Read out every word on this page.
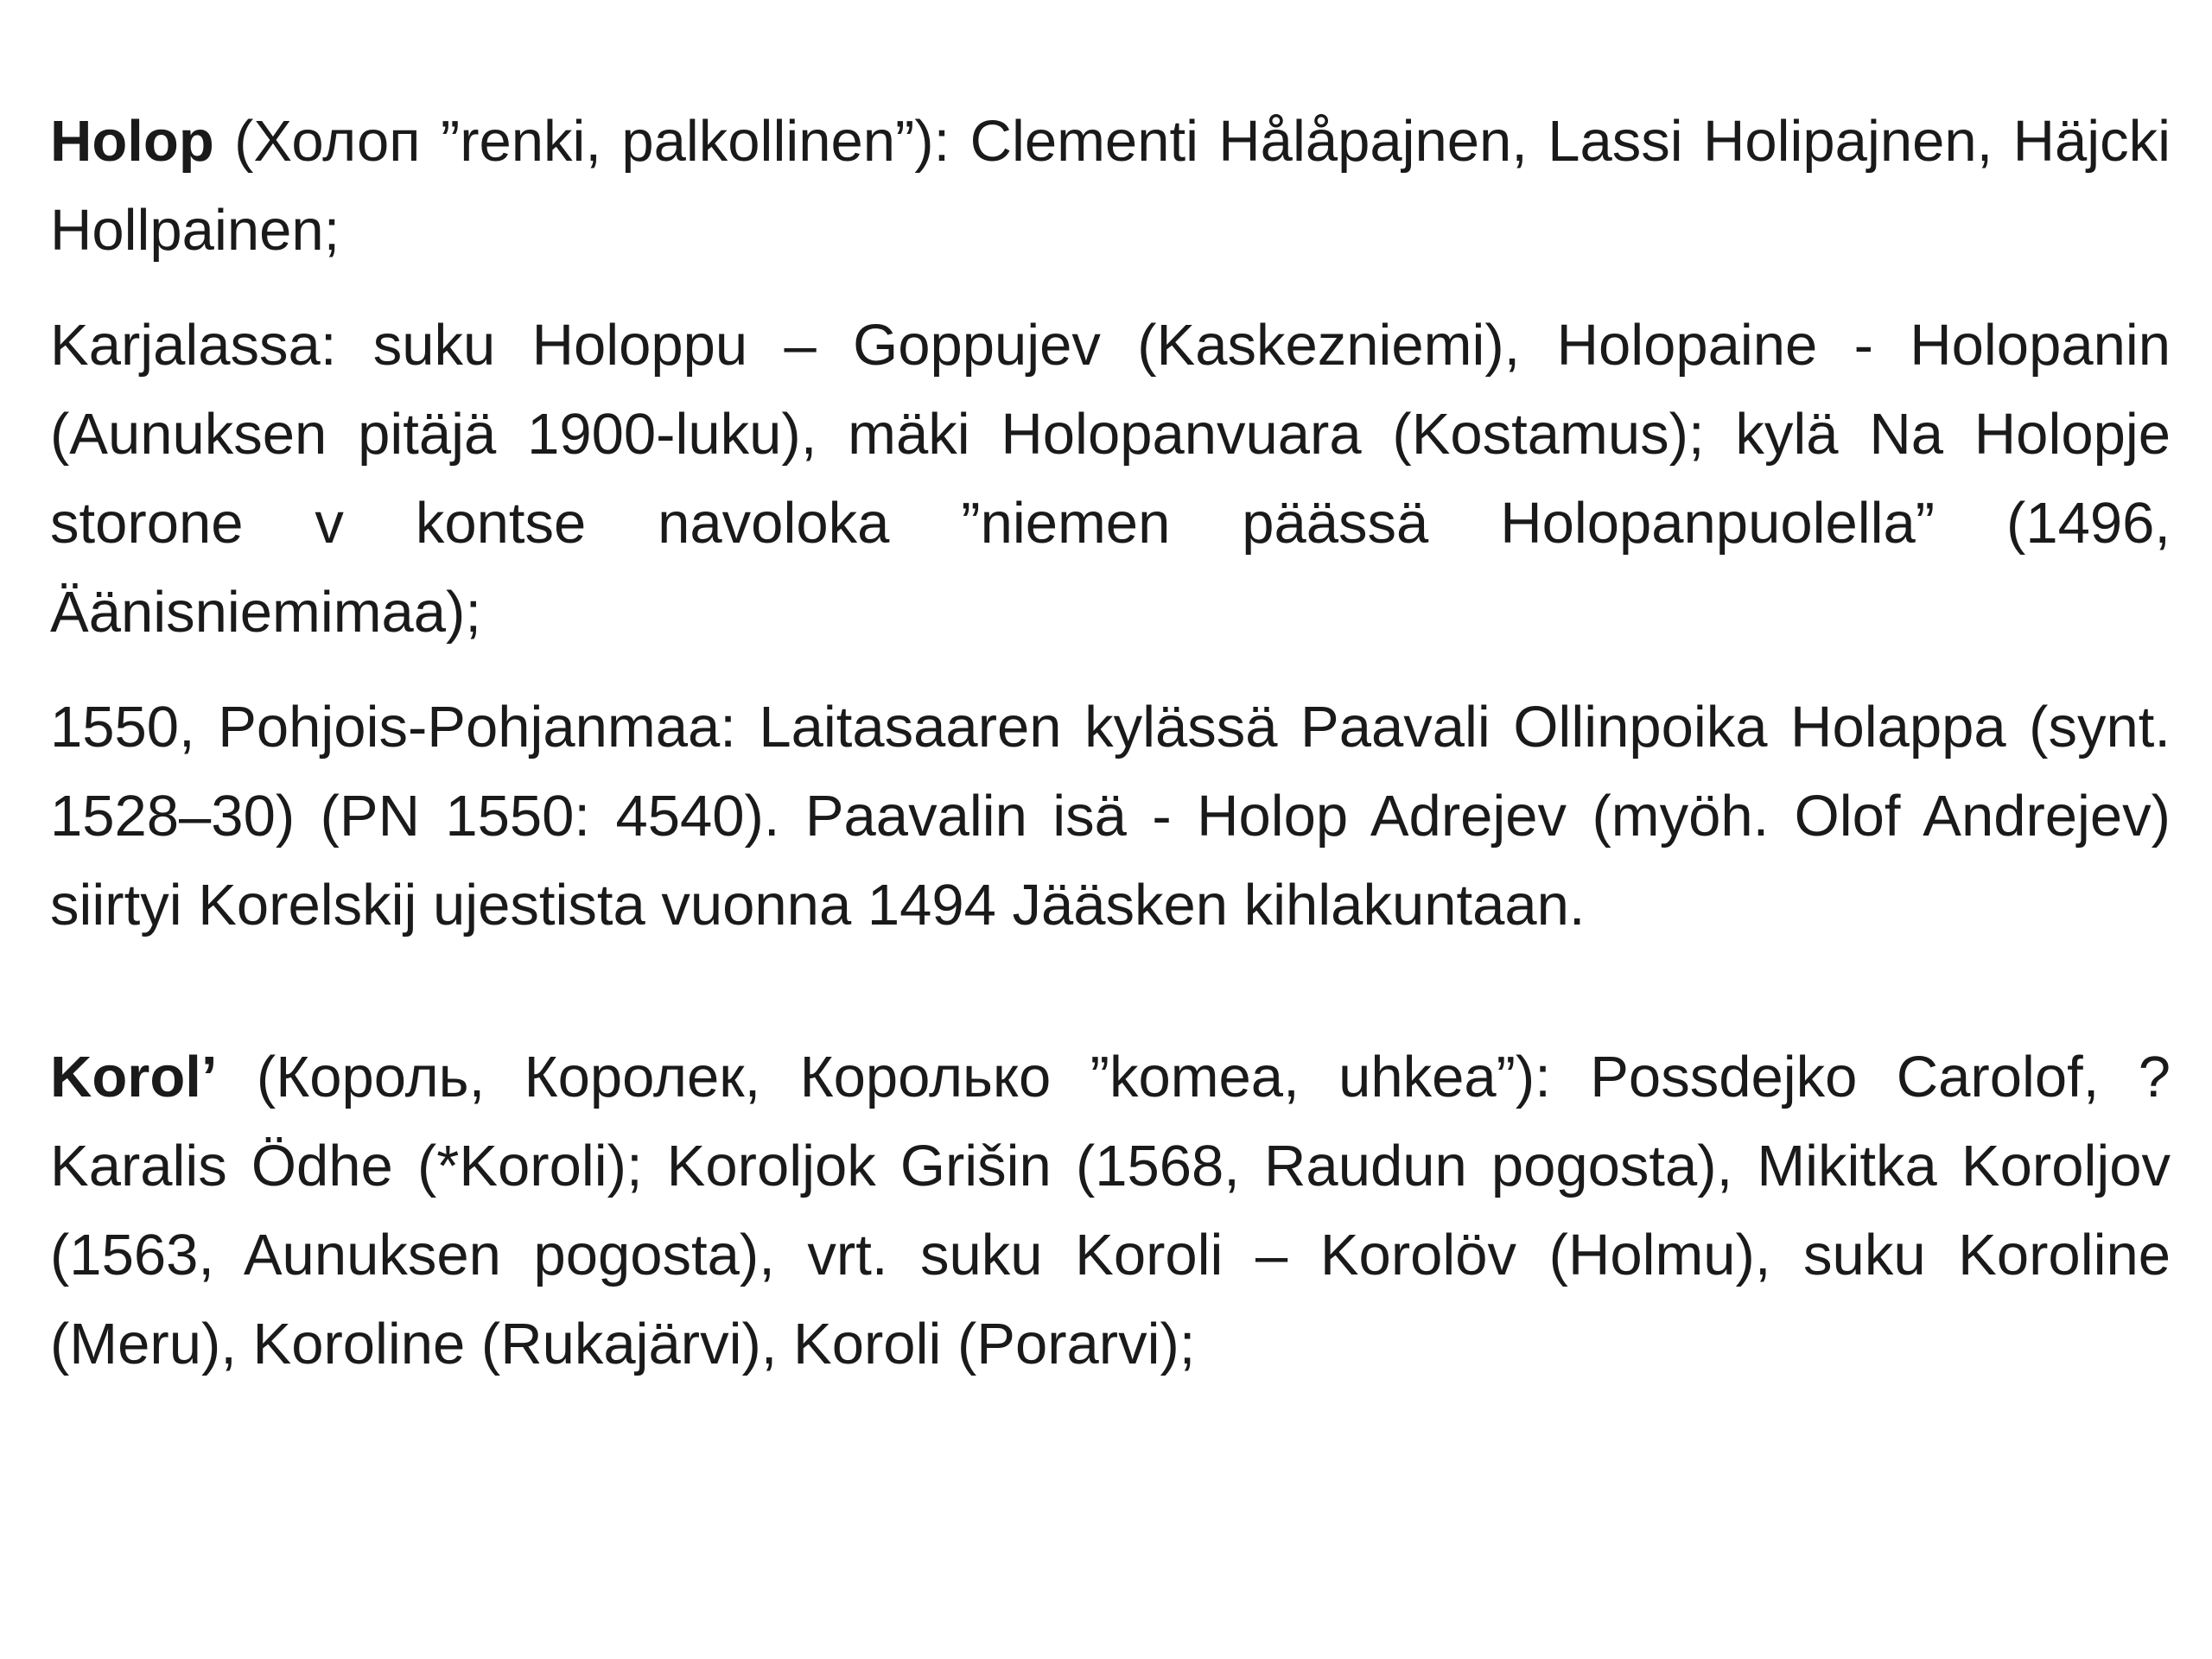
Holop (Холоп ”renki, palkollinen”): Clementi Hålåpajnen, Lassi Holipajnen, Häjcki Hollpainen;

Karjalassa: suku Holoppu – Goppujev (Kaskezniemi), Holopaine - Holopanin (Aunuksen pitäjä 1900-luku), mäki Holopanvuara (Kostamus); kylä Na Holopje storone v kontse navoloka ”niemen päässä Holopanpuolella” (1496, Äänisniemimaa);

1550, Pohjois-Pohjanmaa: Laitasaaren kylässä Paavali Ollinpoika Holappa (synt. 1528–30) (PN 1550: 4540). Paavalin isä - Holop Adrejev (myöh. Olof Andrejev) siirtyi Korelskij ujestista vuonna 1494 Jääsken kihlakuntaan.

Korol’ (Король, Королек, Королько ”komea, uhkea”): Possdejko Carolof, ? Karalis Ödhe (*Koroli); Koroljok Grišin (1568, Raudun pogosta), Mikitka Koroljov (1563, Aunuksen pogosta), vrt. suku Koroli – Korolöv (Holmu), suku Koroline (Meru), Koroline (Rukajärvi), Koroli (Porarvi);
